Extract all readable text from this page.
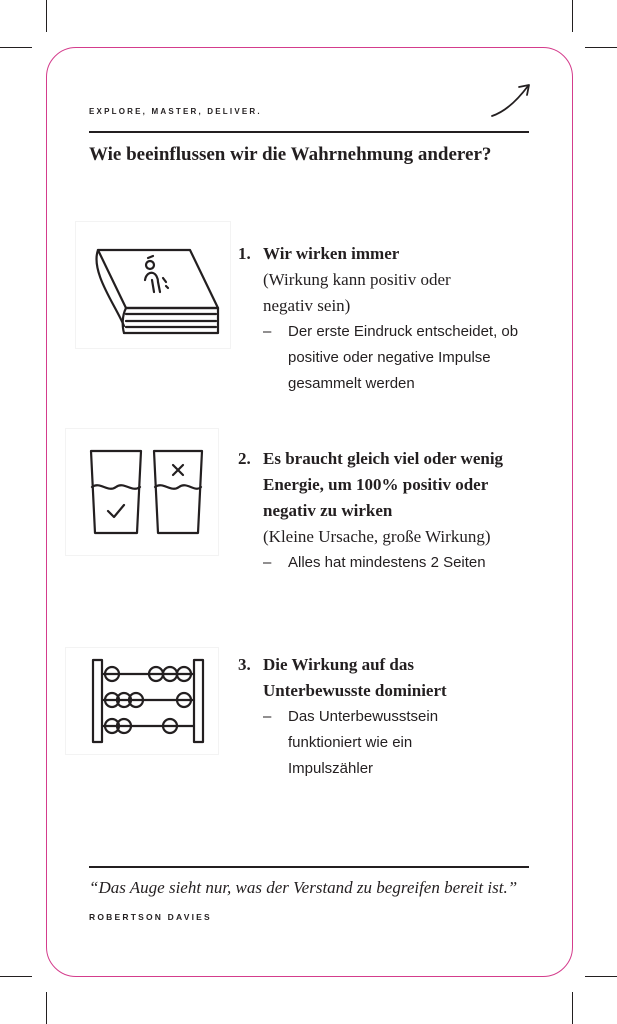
EXPLORE, MASTER, DELIVER.
Wie beeinflussen wir die Wahrnehmung anderer?
1. Wir wirken immer
(Wirkung kann positiv oder negativ sein)
– Der erste Eindruck entscheidet, ob positive oder negative Impulse gesammelt werden
2. Es braucht gleich viel oder wenig Energie, um 100% positiv oder negativ zu wirken
(Kleine Ursache, große Wirkung)
– Alles hat mindestens 2 Seiten
3. Die Wirkung auf das Unterbewusste dominiert
– Das Unterbewusstsein funktioniert wie ein Impulszähler
“Das Auge sieht nur, was der Verstand zu begreifen bereit ist.”
ROBERTSON DAVIES
